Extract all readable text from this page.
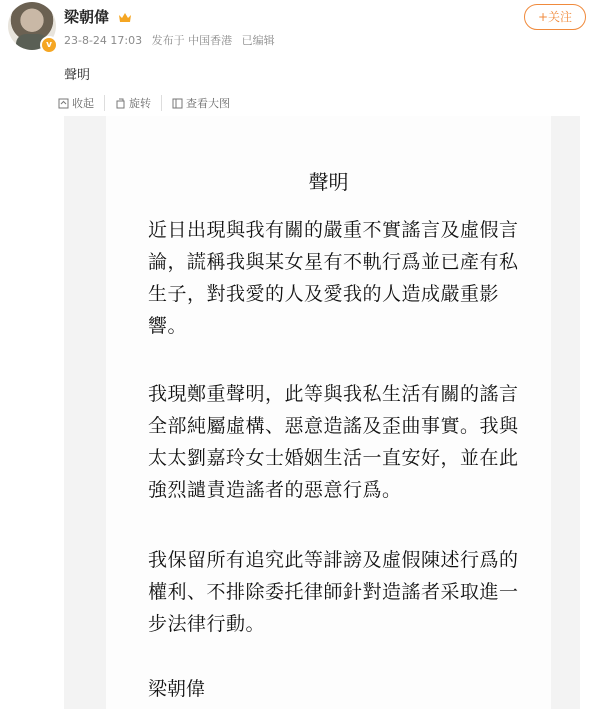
v
梁朝偉
23-8-24 17:03 发布于 中国香港 已编辑
+关注
聲明
收起	旋转	查看大图
聲明
近日出現與我有關的嚴重不實謠言及虛假言
論，謊稱我與某女星有不軌行爲並已產有私
生子，對我愛的人及愛我的人造成嚴重影
響。
我現鄭重聲明，此等與我私生活有關的謠言
全部純屬虛構、惡意造謠及歪曲事實。我與
太太劉嘉玲女士婚姻生活一直安好，並在此
強烈譴責造謠者的惡意行爲。
我保留所有追究此等誹謗及虛假陳述行爲的
權利、不排除委托律師針對造謠者采取進一
步法律行動。
梁朝偉
